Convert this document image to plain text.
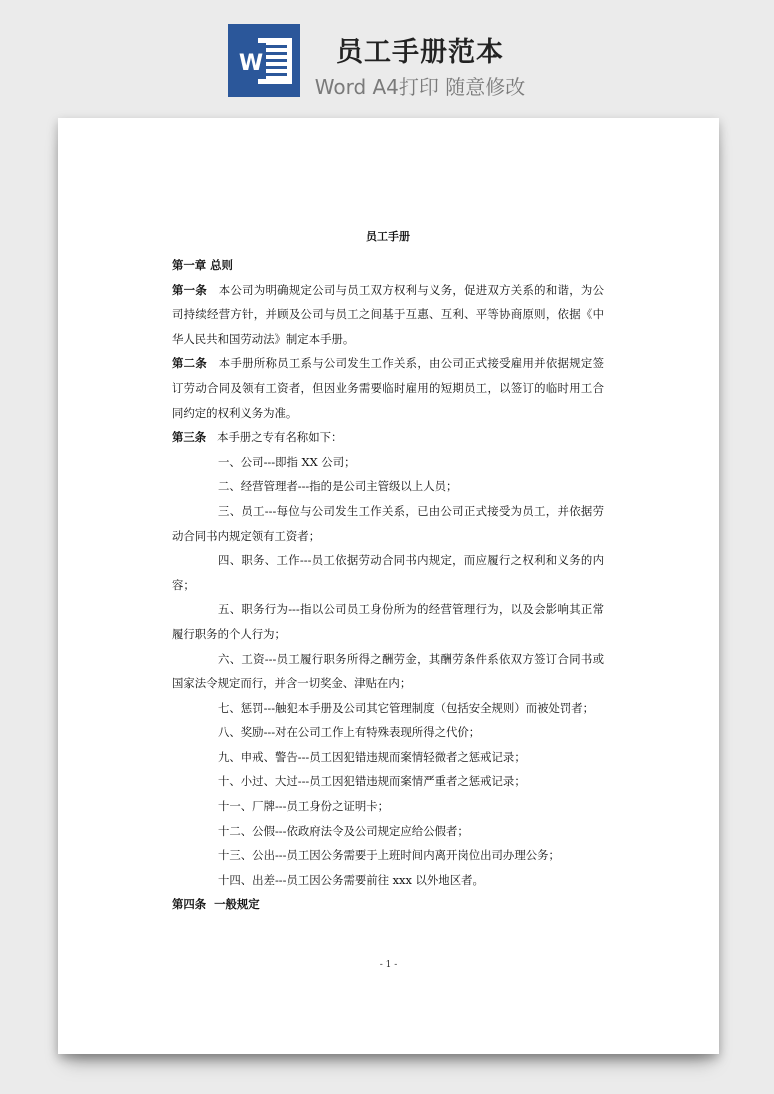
W	员工手册范本
Word A4打印 随意修改
​
员工手册

第一章 总则

第一条 本公司为明确规定公司与员工双方权利与义务，促进双方关系的和谐，为公司持续经营方针，并顾及公司与员工之间基于互惠、互利、平等协商原则，依据《中华人民共和国劳动法》制定本手册。

第二条 本手册所称员工系与公司发生工作关系，由公司正式接受雇用并依据规定签订劳动合同及领有工资者，但因业务需要临时雇用的短期员工，以签订的临时用工合同约定的权利义务为准。

第三条 本手册之专有名称如下：

一、公司---即指 XX 公司；

二、经营管理者---指的是公司主管级以上人员；

三、员工---每位与公司发生工作关系，已由公司正式接受为员工，并依据劳动合同书内规定领有工资者；

四、职务、工作---员工依据劳动合同书内规定，而应履行之权利和义务的内容；

五、职务行为---指以公司员工身份所为的经营管理行为，以及会影响其正常履行职务的个人行为；

六、工资---员工履行职务所得之酬劳金，其酬劳条件系依双方签订合同书或国家法令规定而行，并含一切奖金、津贴在内；

七、惩罚---触犯本手册及公司其它管理制度（包括安全规则）而被处罚者；

八、奖励---对在公司工作上有特殊表现所得之代价；

九、申戒、警告---员工因犯错违规而案情轻微者之惩戒记录；

十、小过、大过---员工因犯错违规而案情严重者之惩戒记录；

十一、厂牌---员工身份之证明卡；

十二、公假---依政府法令及公司规定应给公假者；

十三、公出---员工因公务需要于上班时间内离开岗位出司办理公务；

十四、出差---员工因公务需要前往 xxx 以外地区者。

第四条 一般规定

- 1 -
